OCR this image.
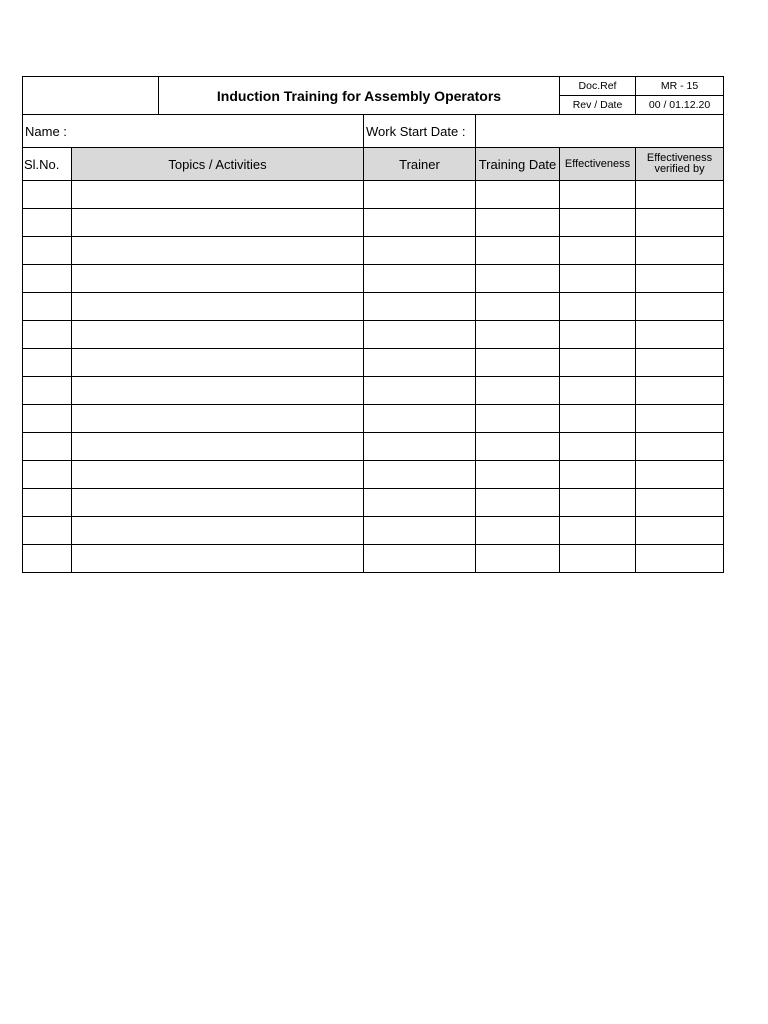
		Induction Training for Assembly Operators			Doc.Ref	MR - 15
					Rev / Date	00 / 01.12.20
Name :			Work Start Date :			
Sl.No.	Topics / Activities		Trainer	Training Date	Effectiveness	Effectiveness verified by
